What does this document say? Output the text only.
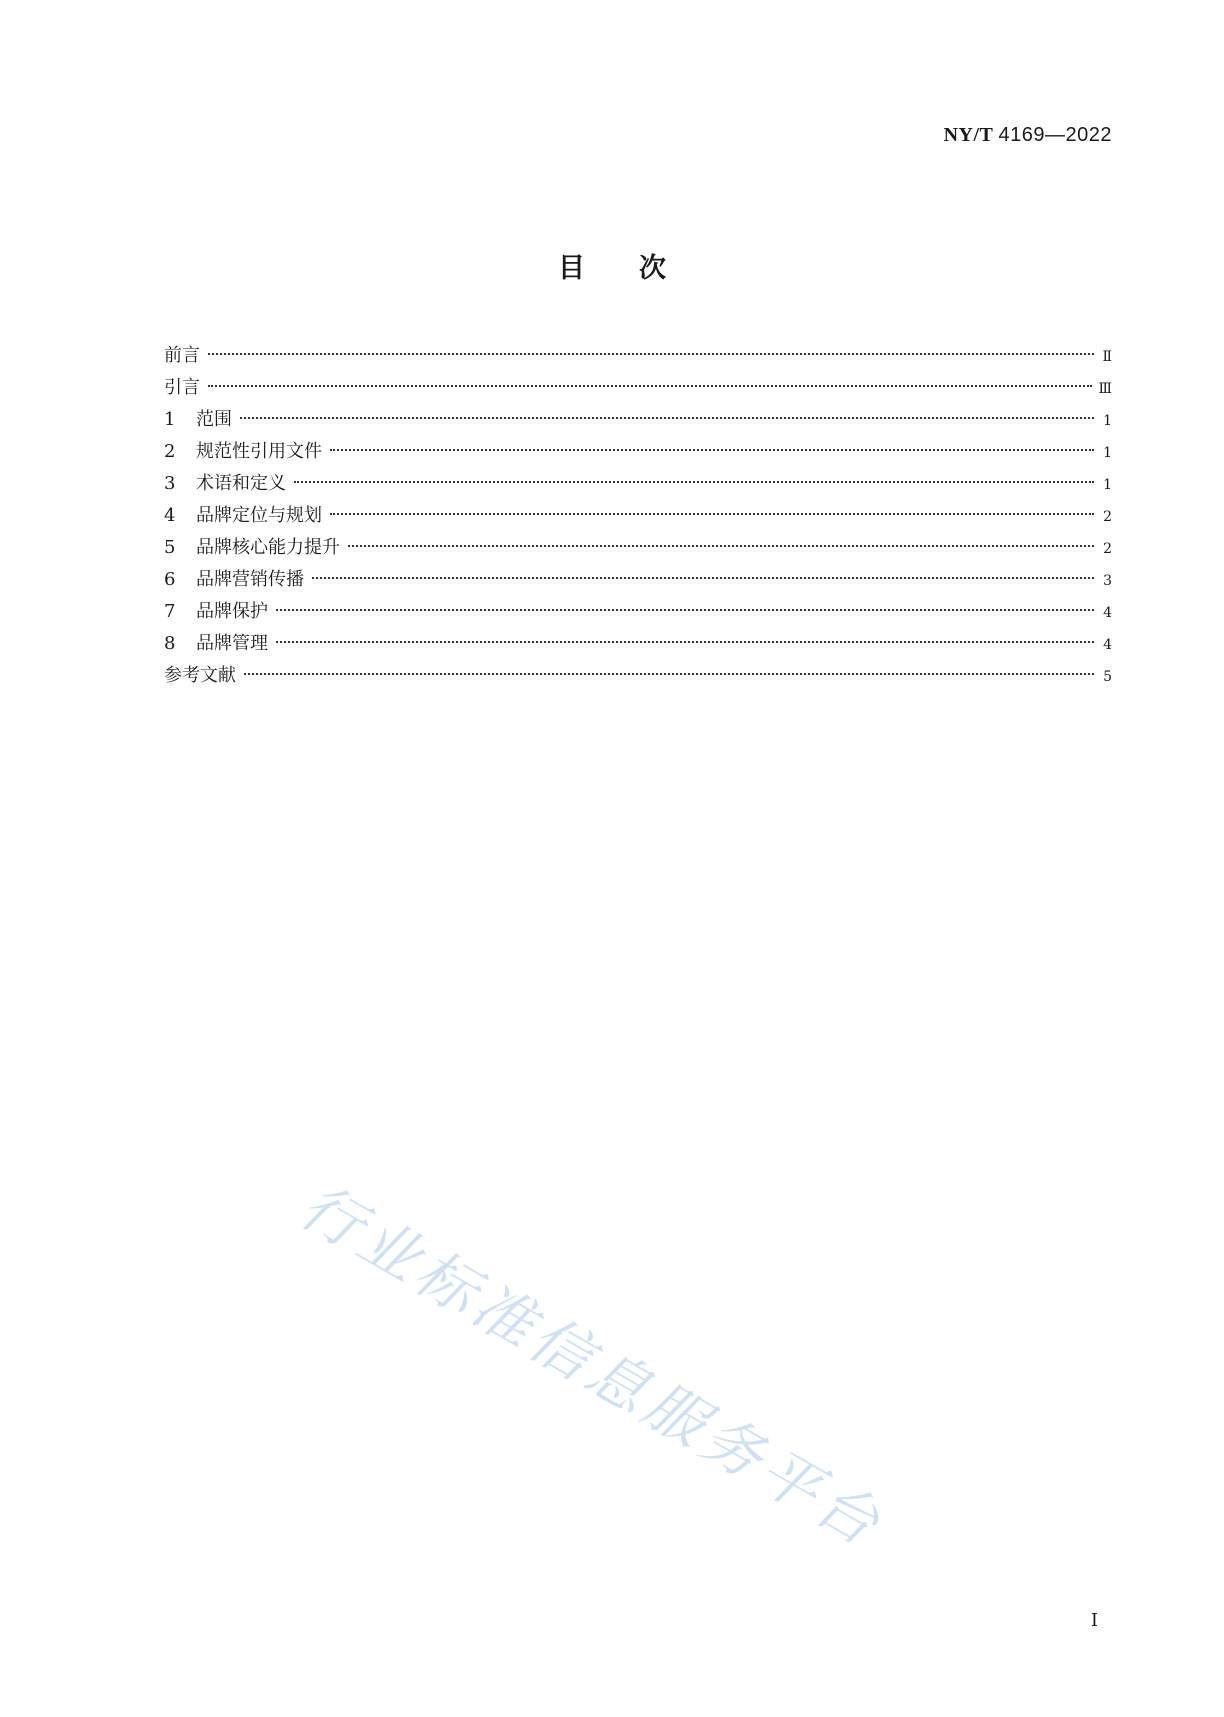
NY/T 4169—2022
目次
前言	Ⅱ
引言	Ⅲ
1	范围	1
2	规范性引用文件	1
3	术语和定义	1
4	品牌定位与规划	2
5	品牌核心能力提升	2
6	品牌营销传播	3
7	品牌保护	4
8	品牌管理	4
参考文献	5
行业标准信息服务平台
Ⅰ
